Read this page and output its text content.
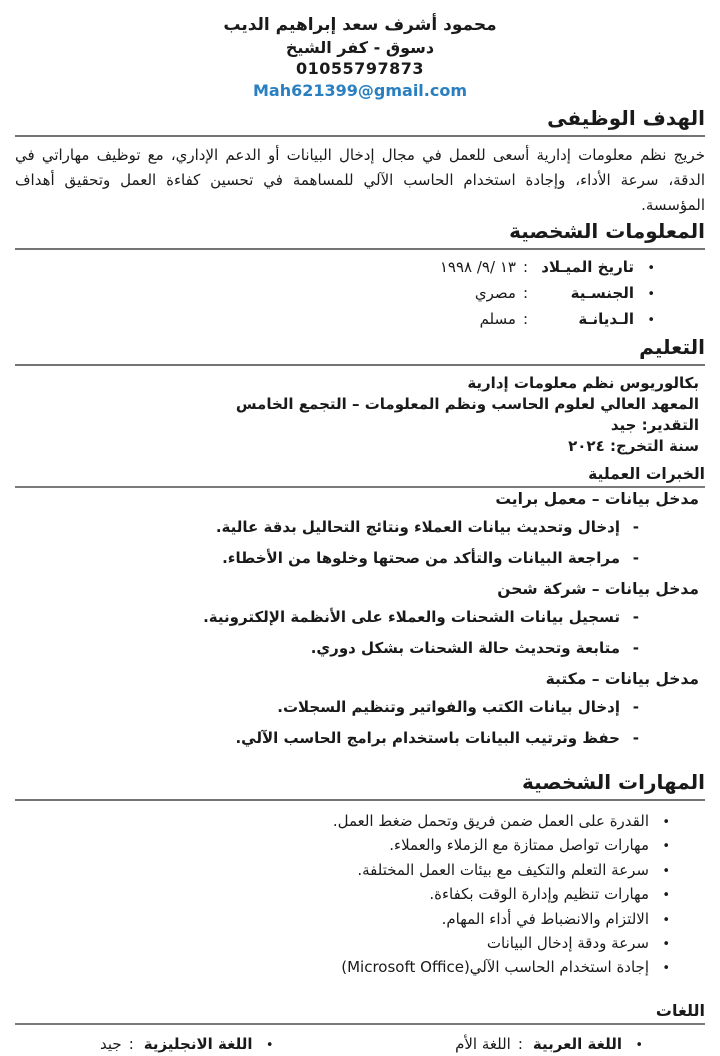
محمود أشرف سعد إبراهيم الديب
دسوق - كفر الشيخ
01055797873
Mah621399@gmail.com
الهدف الوظيفى

خريج نظم معلومات إدارية أسعى للعمل في مجال إدخال البيانات أو الدعم الإداري، مع توظيف مهاراتي في الدقة، سرعة الأداء، وإجادة استخدام الحاسب الآلي للمساهمة في تحسين كفاءة العمل وتحقيق أهداف المؤسسة.

المعلومات الشخصية
•
تاريخ الميـلاد
:
١٣ /٩/ ١٩٩٨
•
الجنسـية
:
مصري
•
الـديانـة
:
مسلم
التعليم
بكالوريوس نظم معلومات إدارية
المعهد العالي لعلوم الحاسب ونظم المعلومات – التجمع الخامس
التقدير: جيد
سنة التخرج: ٢٠٢٤
الخبرات العملية
مدخل بيانات – معمل برايت
-
إدخال وتحديث بيانات العملاء ونتائج التحاليل بدقة عالية.
-
مراجعة البيانات والتأكد من صحتها وخلوها من الأخطاء.
مدخل بيانات – شركة شحن
-
تسجيل بيانات الشحنات والعملاء على الأنظمة الإلكترونية.
-
متابعة وتحديث حالة الشحنات بشكل دوري.
مدخل بيانات – مكتبة
-
إدخال بيانات الكتب والفواتير وتنظيم السجلات.
-
حفظ وترتيب البيانات باستخدام برامج الحاسب الآلي.
المهارات الشخصية
•
القدرة على العمل ضمن فريق وتحمل ضغط العمل.
•
مهارات تواصل ممتازة مع الزملاء والعملاء.
•
سرعة التعلم والتكيف مع بيئات العمل المختلفة.
•
مهارات تنظيم وإدارة الوقت بكفاءة.
•
الالتزام والانضباط في أداء المهام.
•
سرعة ودقة إدخال البيانات
•
إجادة استخدام الحاسب الآلي(Microsoft Office)
اللغات
•
اللغة العربية
:
اللغة الأم
•
اللغة الانجليزية
:
جيد
